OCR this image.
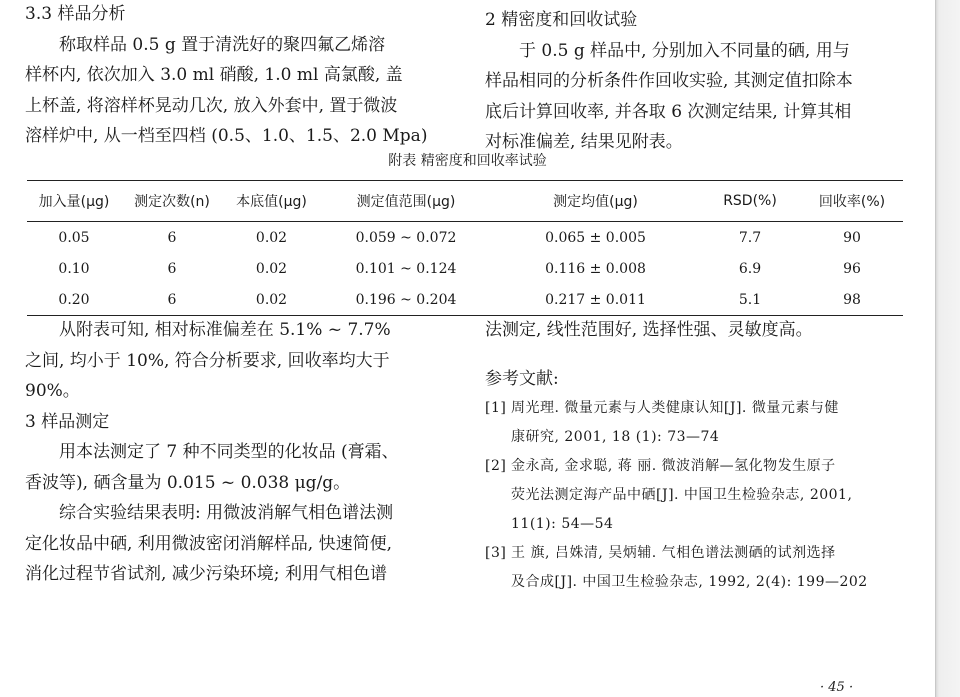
3.3 样品分析

称取样品 0.5 g 置于清洗好的聚四氟乙烯溶

样杯内, 依次加入 3.0 ml 硝酸, 1.0 ml 高氯酸, 盖

上杯盖, 将溶样杯晃动几次, 放入外套中, 置于微波

溶样炉中, 从一档至四档 (0.5、1.0、1.5、2.0 Mpa)

2 精密度和回收试验

于 0.5 g 样品中, 分别加入不同量的硒, 用与

样品相同的分析条件作回收实验, 其测定值扣除本

底后计算回收率, 并各取 6 次测定结果, 计算其相

对标准偏差, 结果见附表。

附表 精密度和回收率试验
加入量(μg)	测定次数(n)	本底值(μg)	测定值范围(μg)	测定均值(μg)	RSD(%)	回收率(%)
0.05	6	0.02	0.059 ~ 0.072	0.065 ± 0.005	7.7	90
0.10	6	0.02	0.101 ~ 0.124	0.116 ± 0.008	6.9	96
0.20	6	0.02	0.196 ~ 0.204	0.217 ± 0.011	5.1	98

从附表可知, 相对标准偏差在 5.1% ~ 7.7%

之间, 均小于 10%, 符合分析要求, 回收率均大于

90%。

3 样品测定

用本法测定了 7 种不同类型的化妆品 (膏霜、

香波等), 硒含量为 0.015 ~ 0.038 μg/g。

综合实验结果表明: 用微波消解气相色谱法测

定化妆品中硒, 利用微波密闭消解样品, 快速简便,

消化过程节省试剂, 减少污染环境; 利用气相色谱

法测定, 线性范围好, 选择性强、灵敏度高。

参考文献:

[1] 周光理. 微量元素与人类健康认知[J]. 微量元素与健
康研究, 2001, 18 (1): 73—74
[2] 金永高, 金求聪, 蒋 丽. 微波消解—氢化物发生原子
荧光法测定海产品中硒[J]. 中国卫生检验杂志, 2001,
11(1): 54—54
[3] 王 旗, 吕姝清, 吴炳辅. 气相色谱法测硒的试剂选择
及合成[J]. 中国卫生检验杂志, 1992, 2(4): 199—202
· 45 ·
